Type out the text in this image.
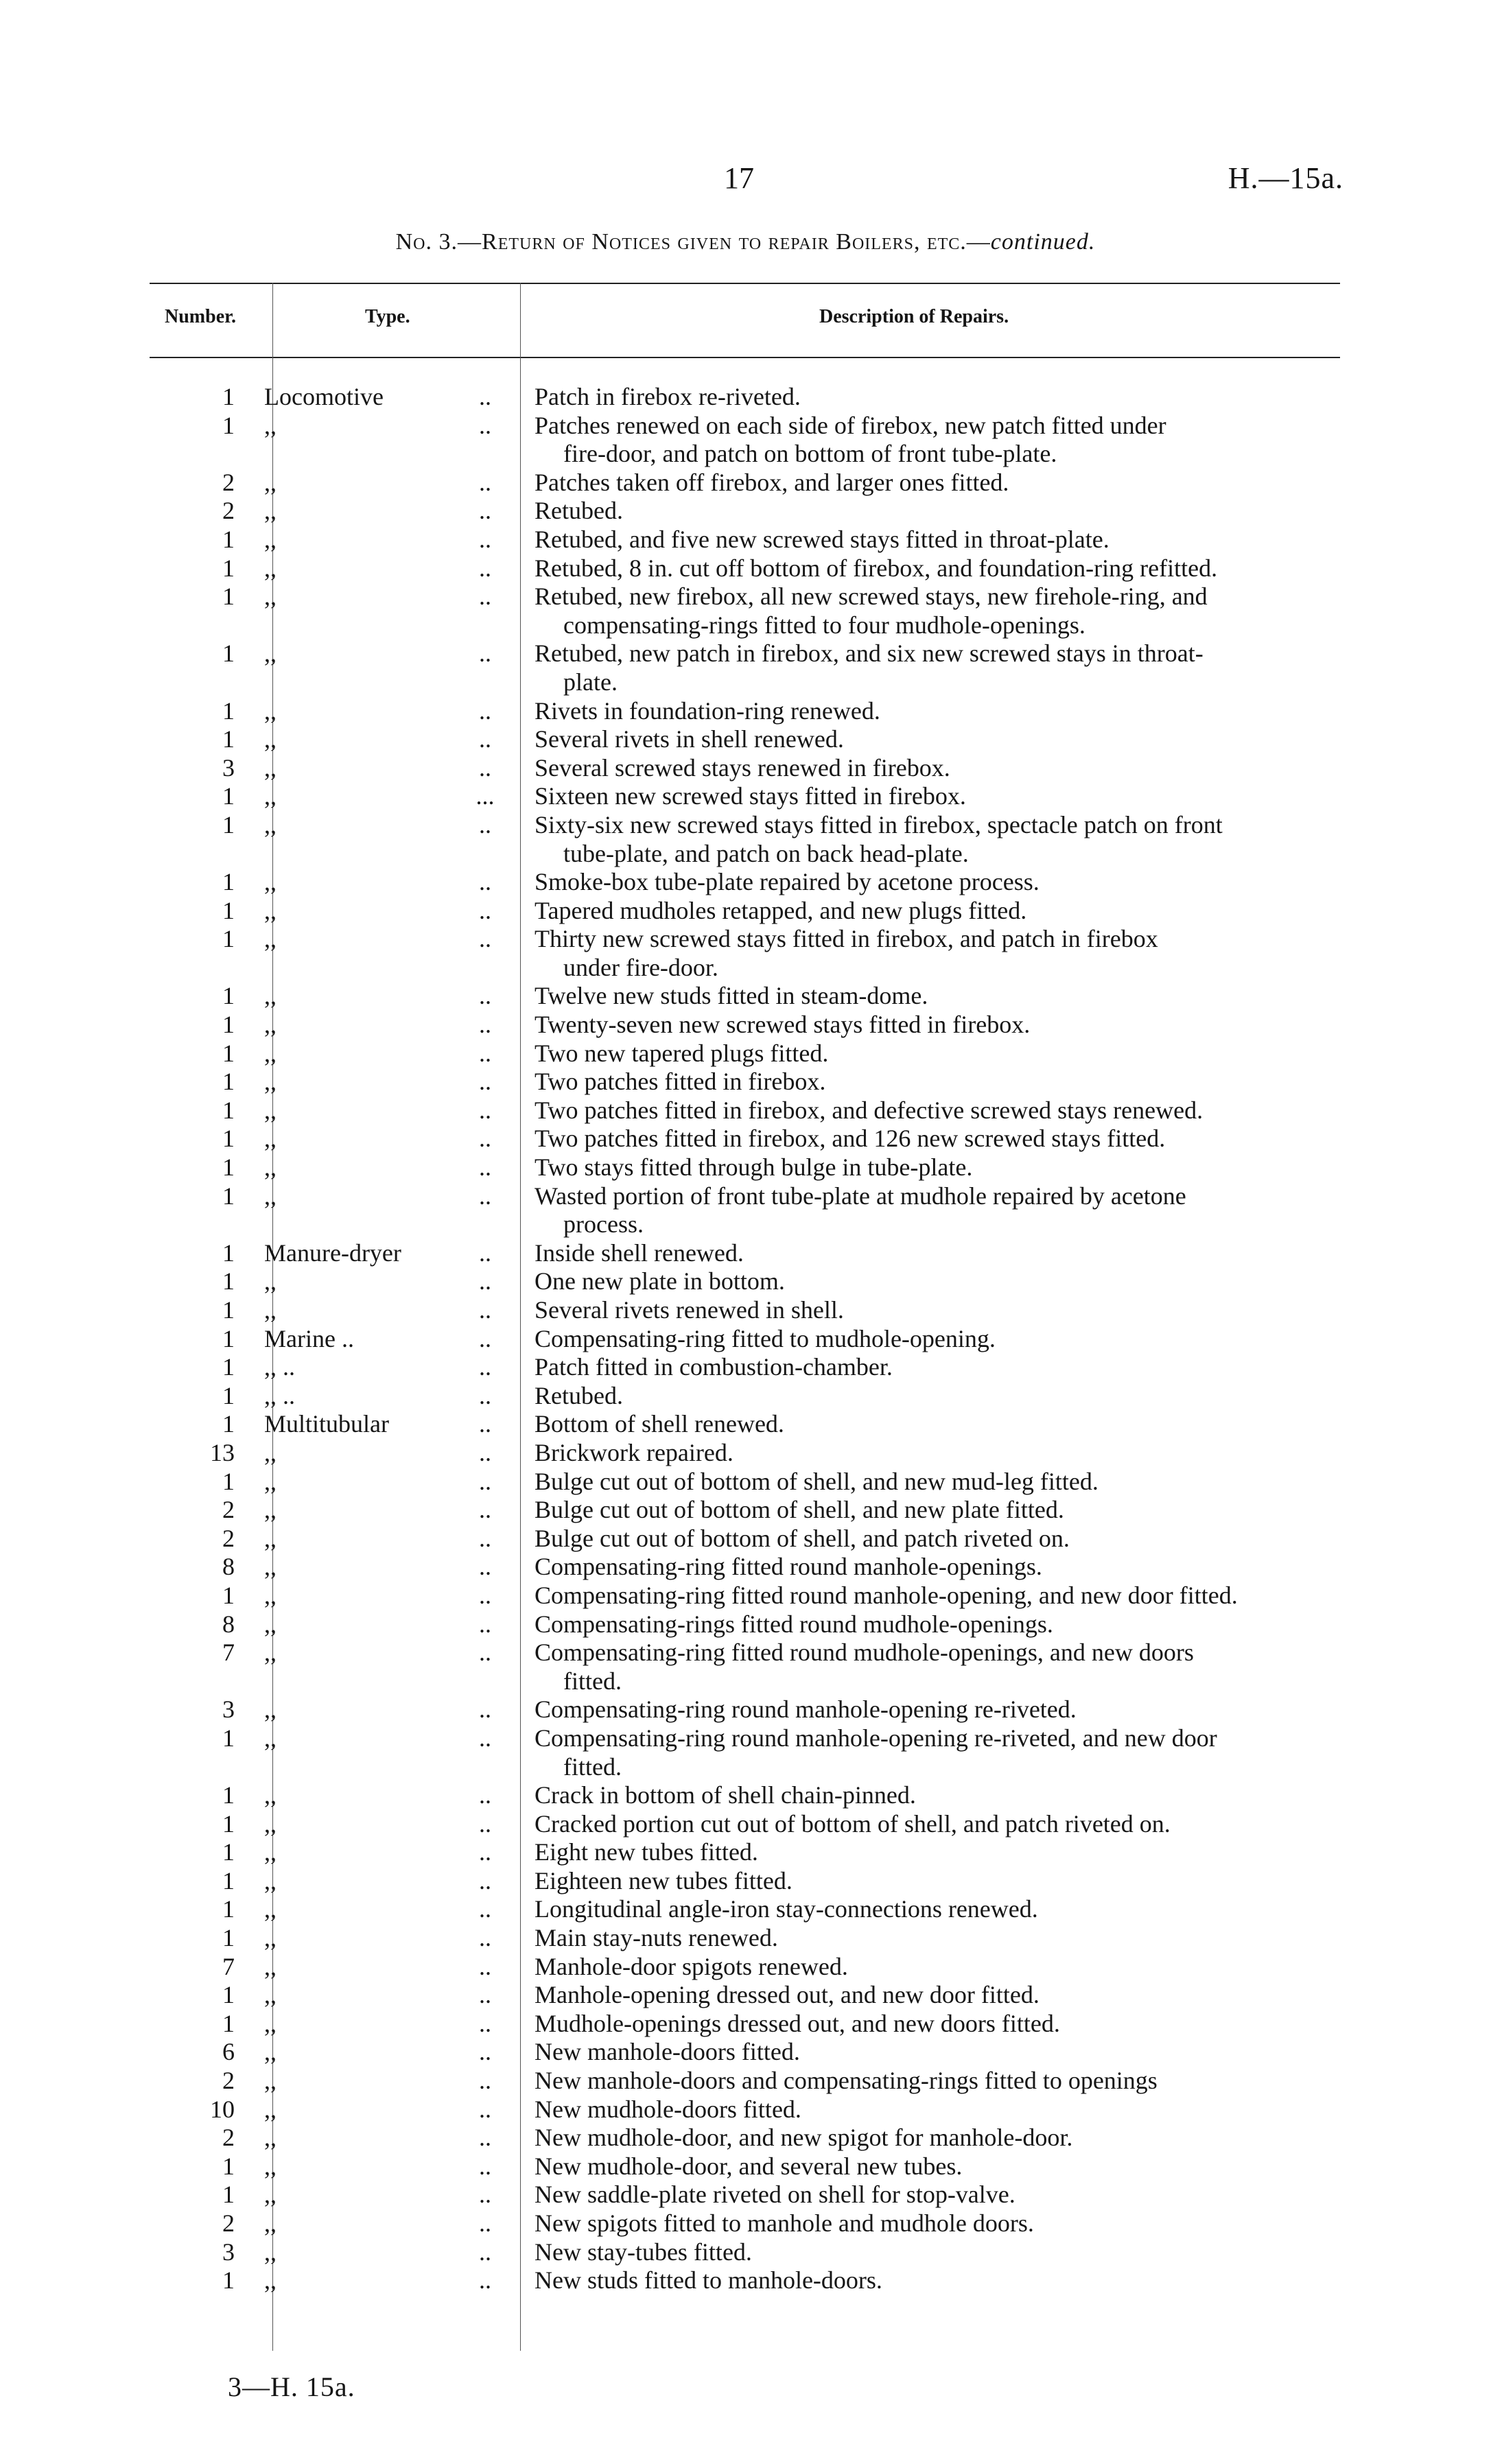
17	H.—15a.
No. 3.—Return of Notices given to repair Boilers, etc.—continued.
Number.	Type.	Description of Repairs.
1	Locomotive	..	Patch in firebox re-riveted.
1	,,	..	Patches renewed on each side of firebox, new patch fitted under
fire-door, and patch on bottom of front tube-plate.
2	,,	..	Patches taken off firebox, and larger ones fitted.
2	,,	..	Retubed.
1	,,	..	Retubed, and five new screwed stays fitted in throat-plate.
1	,,	..	Retubed, 8 in. cut off bottom of firebox, and foundation-ring refitted.
1	,,	..	Retubed, new firebox, all new screwed stays, new firehole-ring, and
compensating-rings fitted to four mudhole-openings.
1	,,	..	Retubed, new patch in firebox, and six new screwed stays in throat-
plate.
1	,,	..	Rivets in foundation-ring renewed.
1	,,	..	Several rivets in shell renewed.
3	,,	..	Several screwed stays renewed in firebox.
1	,,	...	Sixteen new screwed stays fitted in firebox.
1	,,	..	Sixty-six new screwed stays fitted in firebox, spectacle patch on front
tube-plate, and patch on back head-plate.
1	,,	..	Smoke-box tube-plate repaired by acetone process.
1	,,	..	Tapered mudholes retapped, and new plugs fitted.
1	,,	..	Thirty new screwed stays fitted in firebox, and patch in firebox
under fire-door.
1	,,	..	Twelve new studs fitted in steam-dome.
1	,,	..	Twenty-seven new screwed stays fitted in firebox.
1	,,	..	Two new tapered plugs fitted.
1	,,	..	Two patches fitted in firebox.
1	,,	..	Two patches fitted in firebox, and defective screwed stays renewed.
1	,,	..	Two patches fitted in firebox, and 126 new screwed stays fitted.
1	,,	..	Two stays fitted through bulge in tube-plate.
1	,,	..	Wasted portion of front tube-plate at mudhole repaired by acetone
process.
1	Manure-dryer	..	Inside shell renewed.
1	,,	..	One new plate in bottom.
1	,,	..	Several rivets renewed in shell.
1	Marine ..	..	Compensating-ring fitted to mudhole-opening.
1	,, ..	..	Patch fitted in combustion-chamber.
1	,, ..	..	Retubed.
1	Multitubular	..	Bottom of shell renewed.
13	,,	..	Brickwork repaired.
1	,,	..	Bulge cut out of bottom of shell, and new mud-leg fitted.
2	,,	..	Bulge cut out of bottom of shell, and new plate fitted.
2	,,	..	Bulge cut out of bottom of shell, and patch riveted on.
8	,,	..	Compensating-ring fitted round manhole-openings.
1	,,	..	Compensating-ring fitted round manhole-opening, and new door fitted.
8	,,	..	Compensating-rings fitted round mudhole-openings.
7	,,	..	Compensating-ring fitted round mudhole-openings, and new doors
fitted.
3	,,	..	Compensating-ring round manhole-opening re-riveted.
1	,,	..	Compensating-ring round manhole-opening re-riveted, and new door
fitted.
1	,,	..	Crack in bottom of shell chain-pinned.
1	,,	..	Cracked portion cut out of bottom of shell, and patch riveted on.
1	,,	..	Eight new tubes fitted.
1	,,	..	Eighteen new tubes fitted.
1	,,	..	Longitudinal angle-iron stay-connections renewed.
1	,,	..	Main stay-nuts renewed.
7	,,	..	Manhole-door spigots renewed.
1	,,	..	Manhole-opening dressed out, and new door fitted.
1	,,	..	Mudhole-openings dressed out, and new doors fitted.
6	,,	..	New manhole-doors fitted.
2	,,	..	New manhole-doors and compensating-rings fitted to openings
10	,,	..	New mudhole-doors fitted.
2	,,	..	New mudhole-door, and new spigot for manhole-door.
1	,,	..	New mudhole-door, and several new tubes.
1	,,	..	New saddle-plate riveted on shell for stop-valve.
2	,,	..	New spigots fitted to manhole and mudhole doors.
3	,,	..	New stay-tubes fitted.
1	,,	..	New studs fitted to manhole-doors.
3—H. 15a.
